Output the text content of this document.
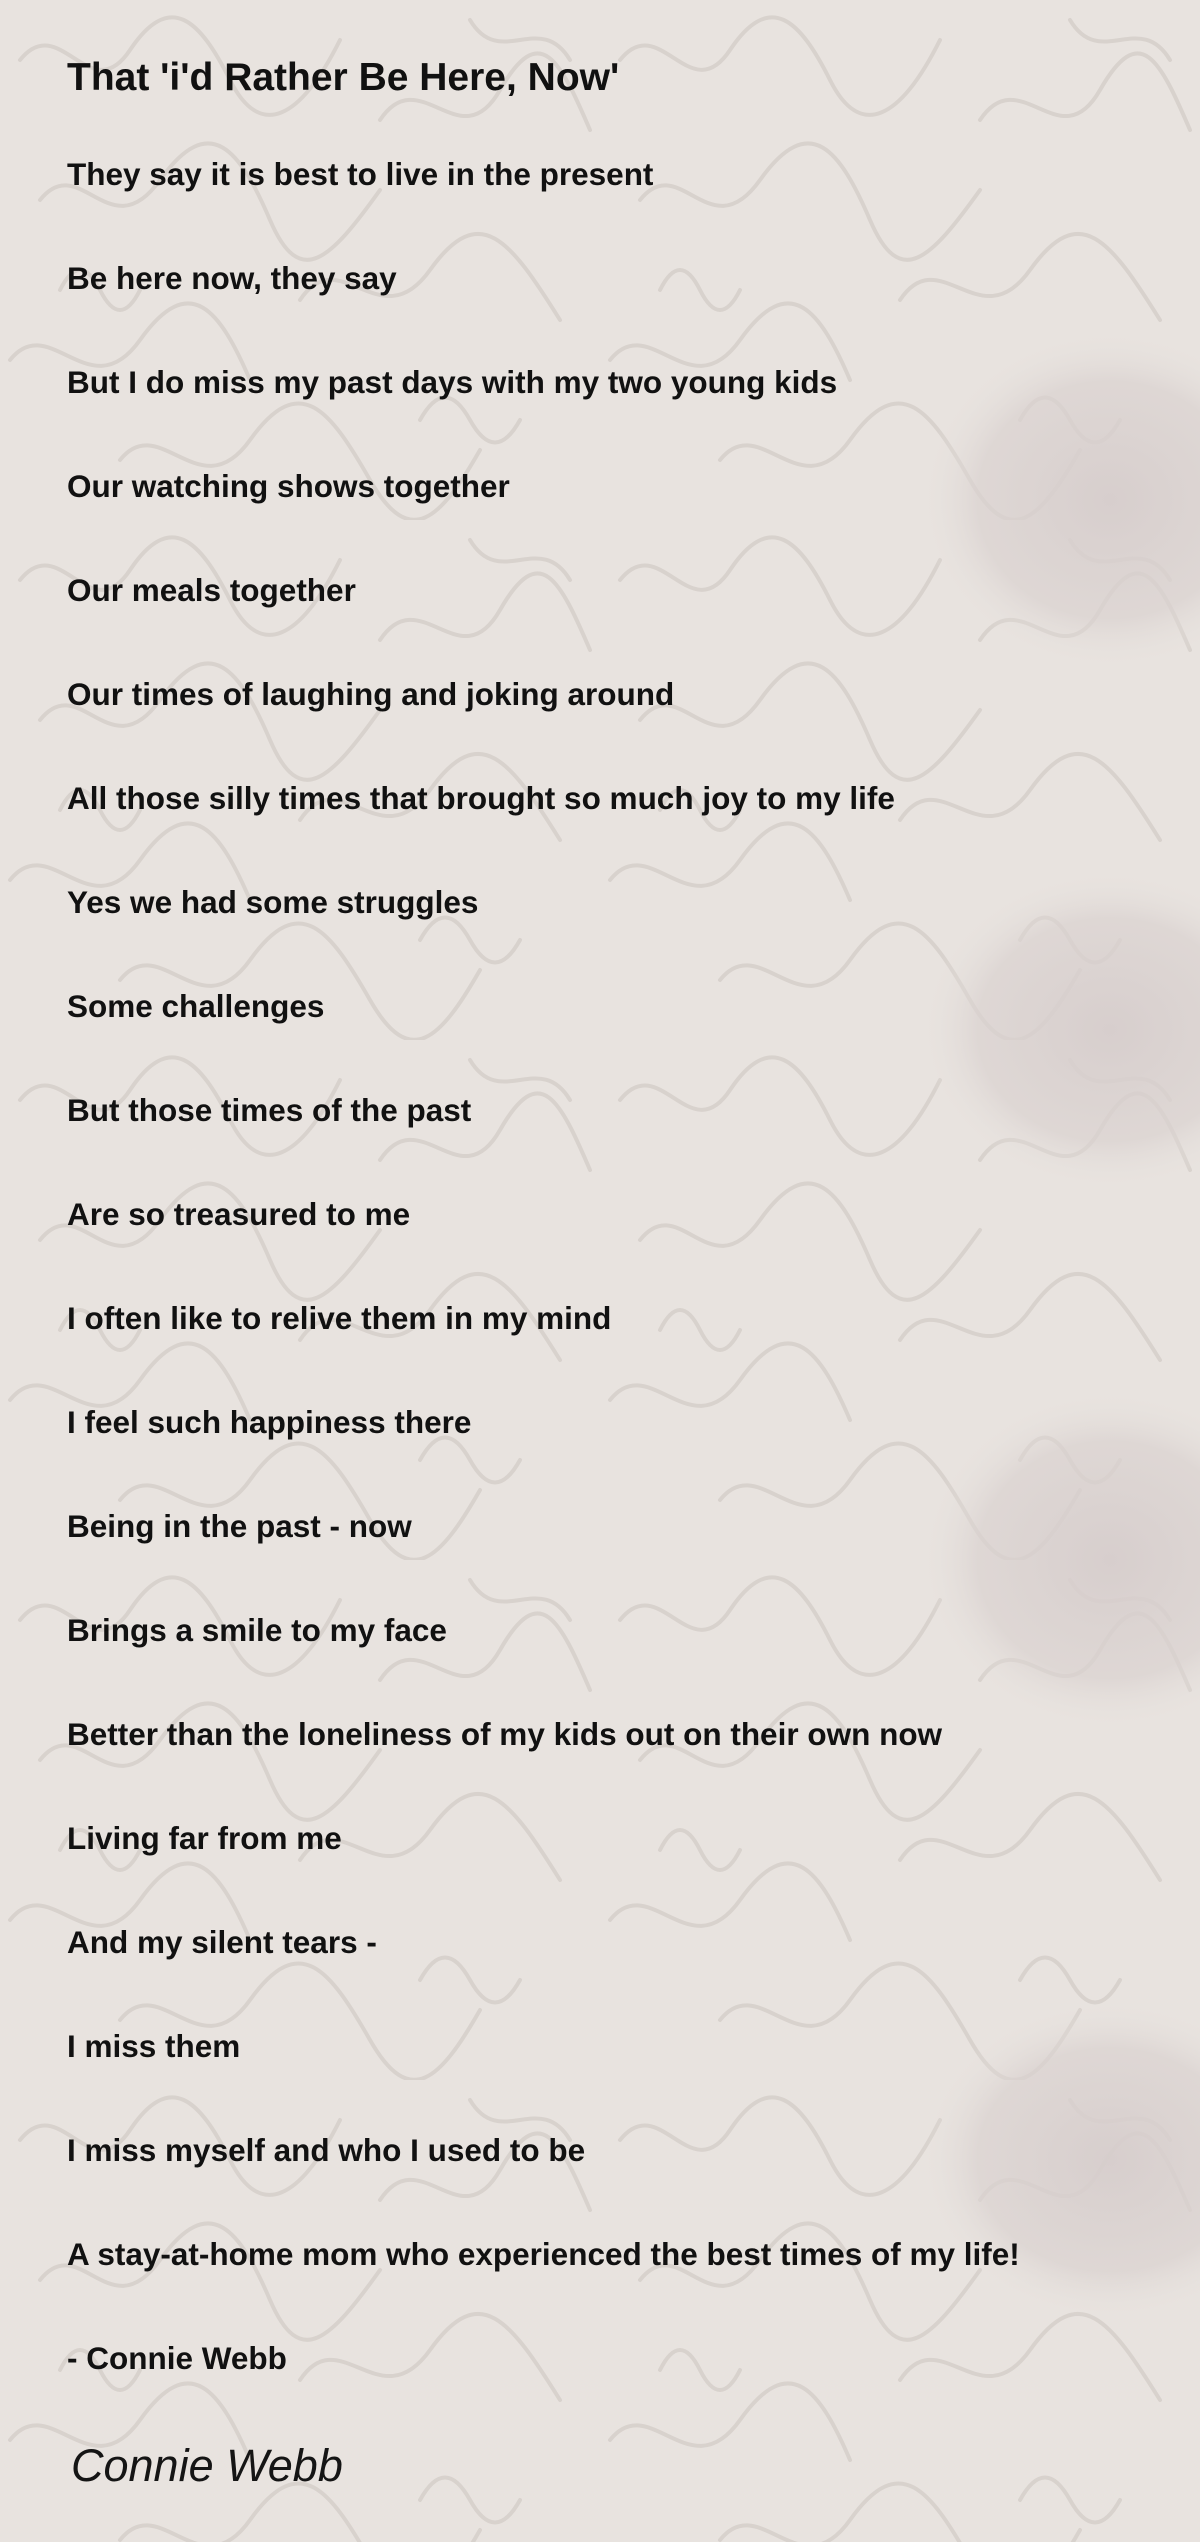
That 'i'd Rather Be Here, Now'
They say it is best to live in the present
Be here now, they say
But I do miss my past days with my two young kids
Our watching shows together
Our meals together
Our times of laughing and joking around
All those silly times that brought so much joy to my life
Yes we had some struggles
Some challenges
But those times of the past
Are so treasured to me
I often like to relive them in my mind
I feel such happiness there
Being in the past - now
Brings a smile to my face
Better than the loneliness of my kids out on their own now
Living far from me
And my silent tears -
I miss them
I miss myself and who I used to be
A stay-at-home mom who experienced the best times of my life!
- Connie Webb
Connie Webb
